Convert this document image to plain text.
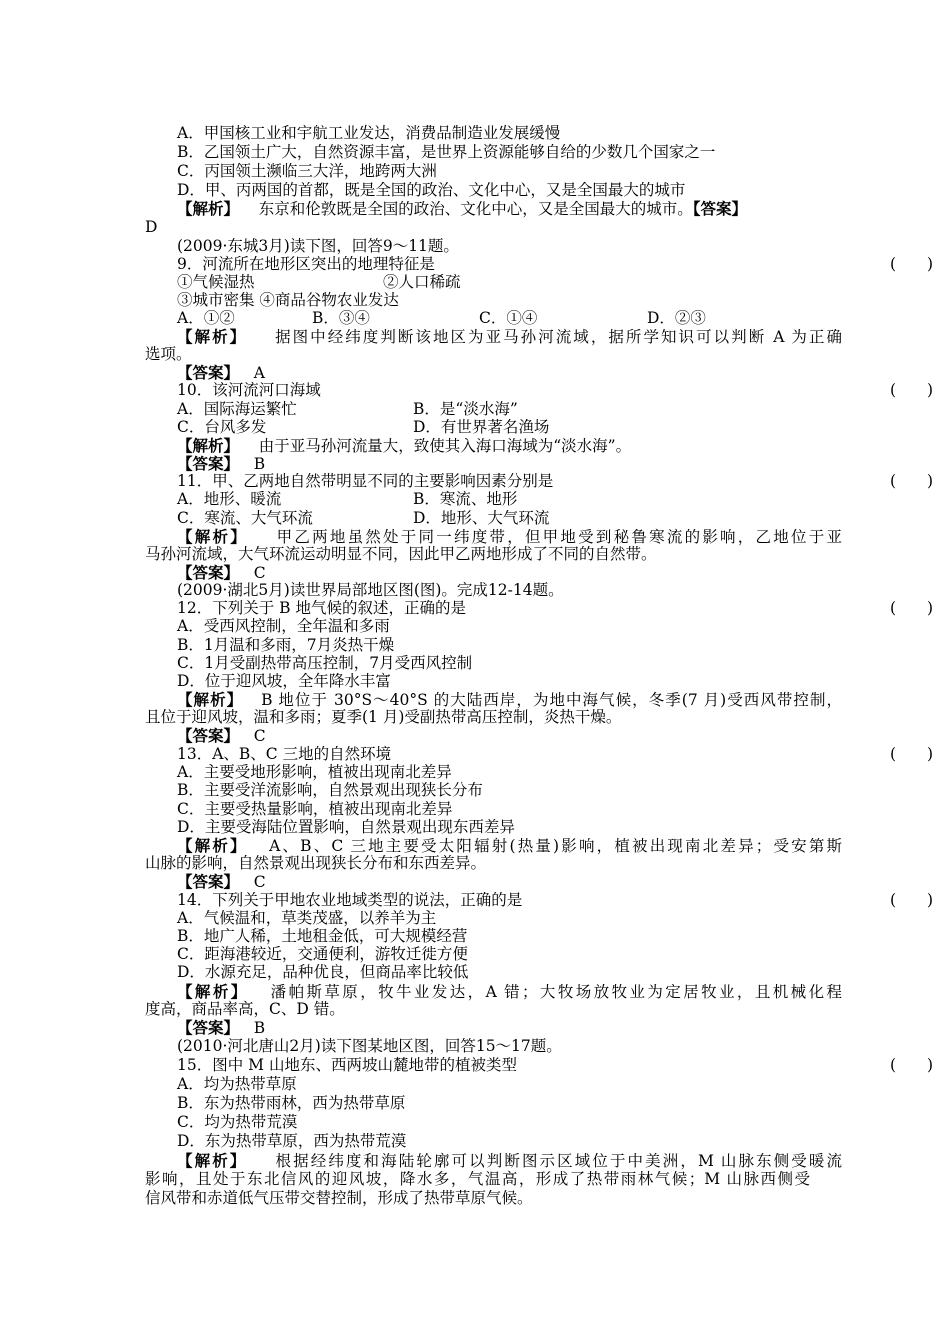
A．甲国核工业和宇航工业发达，消费品制造业发展缓慢
B．乙国领土广大，自然资源丰富，是世界上资源能够自给的少数几个国家之一
C．丙国领土濒临三大洋，地跨两大洲
D．甲、丙两国的首都，既是全国的政治、文化中心，又是全国最大的城市
【解析】 东京和伦敦既是全国的政治、文化中心，又是全国最大的城市。【答案】
D
(2009·东城3月)读下图，回答9～11题。
9．河流所在地形区突出的地理特征是	(　　)
①气候湿热	②人口稀疏
③城市密集 ④商品谷物农业发达
A．①②	B．③④	C．①④	D．②③
【解析】 据图中经纬度判断该地区为亚马孙河流域，据所学知识可以判断 A 为正确
选项。
【答案】 A
10．该河流河口海域	(　　)
A．国际海运繁忙	B．是“淡水海”
C．台风多发	D．有世界著名渔场
【解析】 由于亚马孙河流量大，致使其入海口海域为“淡水海”。
【答案】 B
11．甲、乙两地自然带明显不同的主要影响因素分别是	(　　)
A．地形、暖流	B．寒流、地形
C．寒流、大气环流	D．地形、大气环流
【解析】 甲乙两地虽然处于同一纬度带，但甲地受到秘鲁寒流的影响，乙地位于亚
马孙河流域，大气环流运动明显不同，因此甲乙两地形成了不同的自然带。
【答案】 C
(2009·湖北5月)读世界局部地区图(图)。完成12-14题。
12．下列关于 B 地气候的叙述，正确的是	(　　)
A．受西风控制，全年温和多雨
B．1月温和多雨，7月炎热干燥
C．1月受副热带高压控制，7月受西风控制
D．位于迎风坡，全年降水丰富
【解析】 B 地位于 30°S～40°S 的大陆西岸，为地中海气候，冬季(7 月)受西风带控制，
且位于迎风坡，温和多雨；夏季(1 月)受副热带高压控制，炎热干燥。
【答案】 C
13．A、B、C 三地的自然环境	(　　)
A．主要受地形影响，植被出现南北差异
B．主要受洋流影响，自然景观出现狭长分布
C．主要受热量影响，植被出现南北差异
D．主要受海陆位置影响，自然景观出现东西差异
【解析】 A、B、C 三地主要受太阳辐射(热量)影响，植被出现南北差异；受安第斯
山脉的影响，自然景观出现狭长分布和东西差异。
【答案】 C
14．下列关于甲地农业地域类型的说法，正确的是	(　　)
A．气候温和，草类茂盛，以养羊为主
B．地广人稀，土地租金低，可大规模经营
C．距海港较近，交通便利，游牧迁徙方便
D．水源充足，品种优良，但商品率比较低
【解析】 潘帕斯草原，牧牛业发达，A 错；大牧场放牧业为定居牧业，且机械化程
度高，商品率高，C、D 错。
【答案】 B
(2010·河北唐山2月)读下图某地区图，回答15～17题。
15．图中 M 山地东、西两坡山麓地带的植被类型	(　　)
A．均为热带草原
B．东为热带雨林，西为热带草原
C．均为热带荒漠
D．东为热带草原，西为热带荒漠
【解析】 根据经纬度和海陆轮廓可以判断图示区域位于中美洲，M 山脉东侧受暖流
影响，且处于东北信风的迎风坡，降水多，气温高，形成了热带雨林气候；M 山脉西侧受
信风带和赤道低气压带交替控制，形成了热带草原气候。
